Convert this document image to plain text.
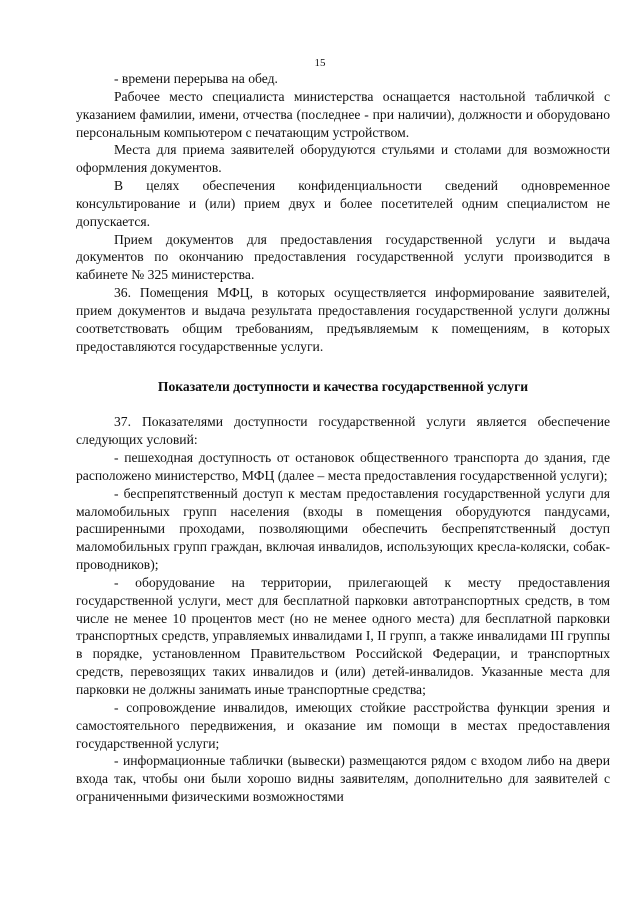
15

- времени перерыва на обед.

Рабочее место специалиста министерства оснащается настольной табличкой с указанием фамилии, имени, отчества (последнее - при наличии), должности и оборудовано персональным компьютером с печатающим устройством.

Места для приема заявителей оборудуются стульями и столами для возможности оформления документов.

В целях обеспечения конфиденциальности сведений одновременное консультирование и (или) прием двух и более посетителей одним специалистом не допускается.

Прием документов для предоставления государственной услуги и выдача документов по окончанию предоставления государственной услуги производится в кабинете № 325 министерства.

36. Помещения МФЦ, в которых осуществляется информирование заявителей, прием документов и выдача результата предоставления государственной услуги должны соответствовать общим требованиям, предъявляемым к помещениям, в которых предоставляются государственные услуги.

Показатели доступности и качества государственной услуги

37. Показателями доступности государственной услуги является обеспечение следующих условий:

- пешеходная доступность от остановок общественного транспорта до здания, где расположено министерство, МФЦ (далее – места предоставления государственной услуги);

- беспрепятственный доступ к местам предоставления государственной услуги для маломобильных групп населения (входы в помещения оборудуются пандусами, расширенными проходами, позволяющими обеспечить беспрепятственный доступ маломобильных групп граждан, включая инвалидов, использующих кресла-коляски, собак-проводников);

- оборудование на территории, прилегающей к месту предоставления государственной услуги, мест для бесплатной парковки автотранспортных средств, в том числе не менее 10 процентов мест (но не менее одного места) для бесплатной парковки транспортных средств, управляемых инвалидами I, II групп, а также инвалидами III группы в порядке, установленном Правительством Российской Федерации, и транспортных средств, перевозящих таких инвалидов и (или) детей-инвалидов. Указанные места для парковки не должны занимать иные транспортные средства;

- сопровождение инвалидов, имеющих стойкие расстройства функции зрения и самостоятельного передвижения, и оказание им помощи в местах предоставления государственной услуги;

- информационные таблички (вывески) размещаются рядом с входом либо на двери входа так, чтобы они были хорошо видны заявителям, дополнительно для заявителей с ограниченными физическими возможностями
